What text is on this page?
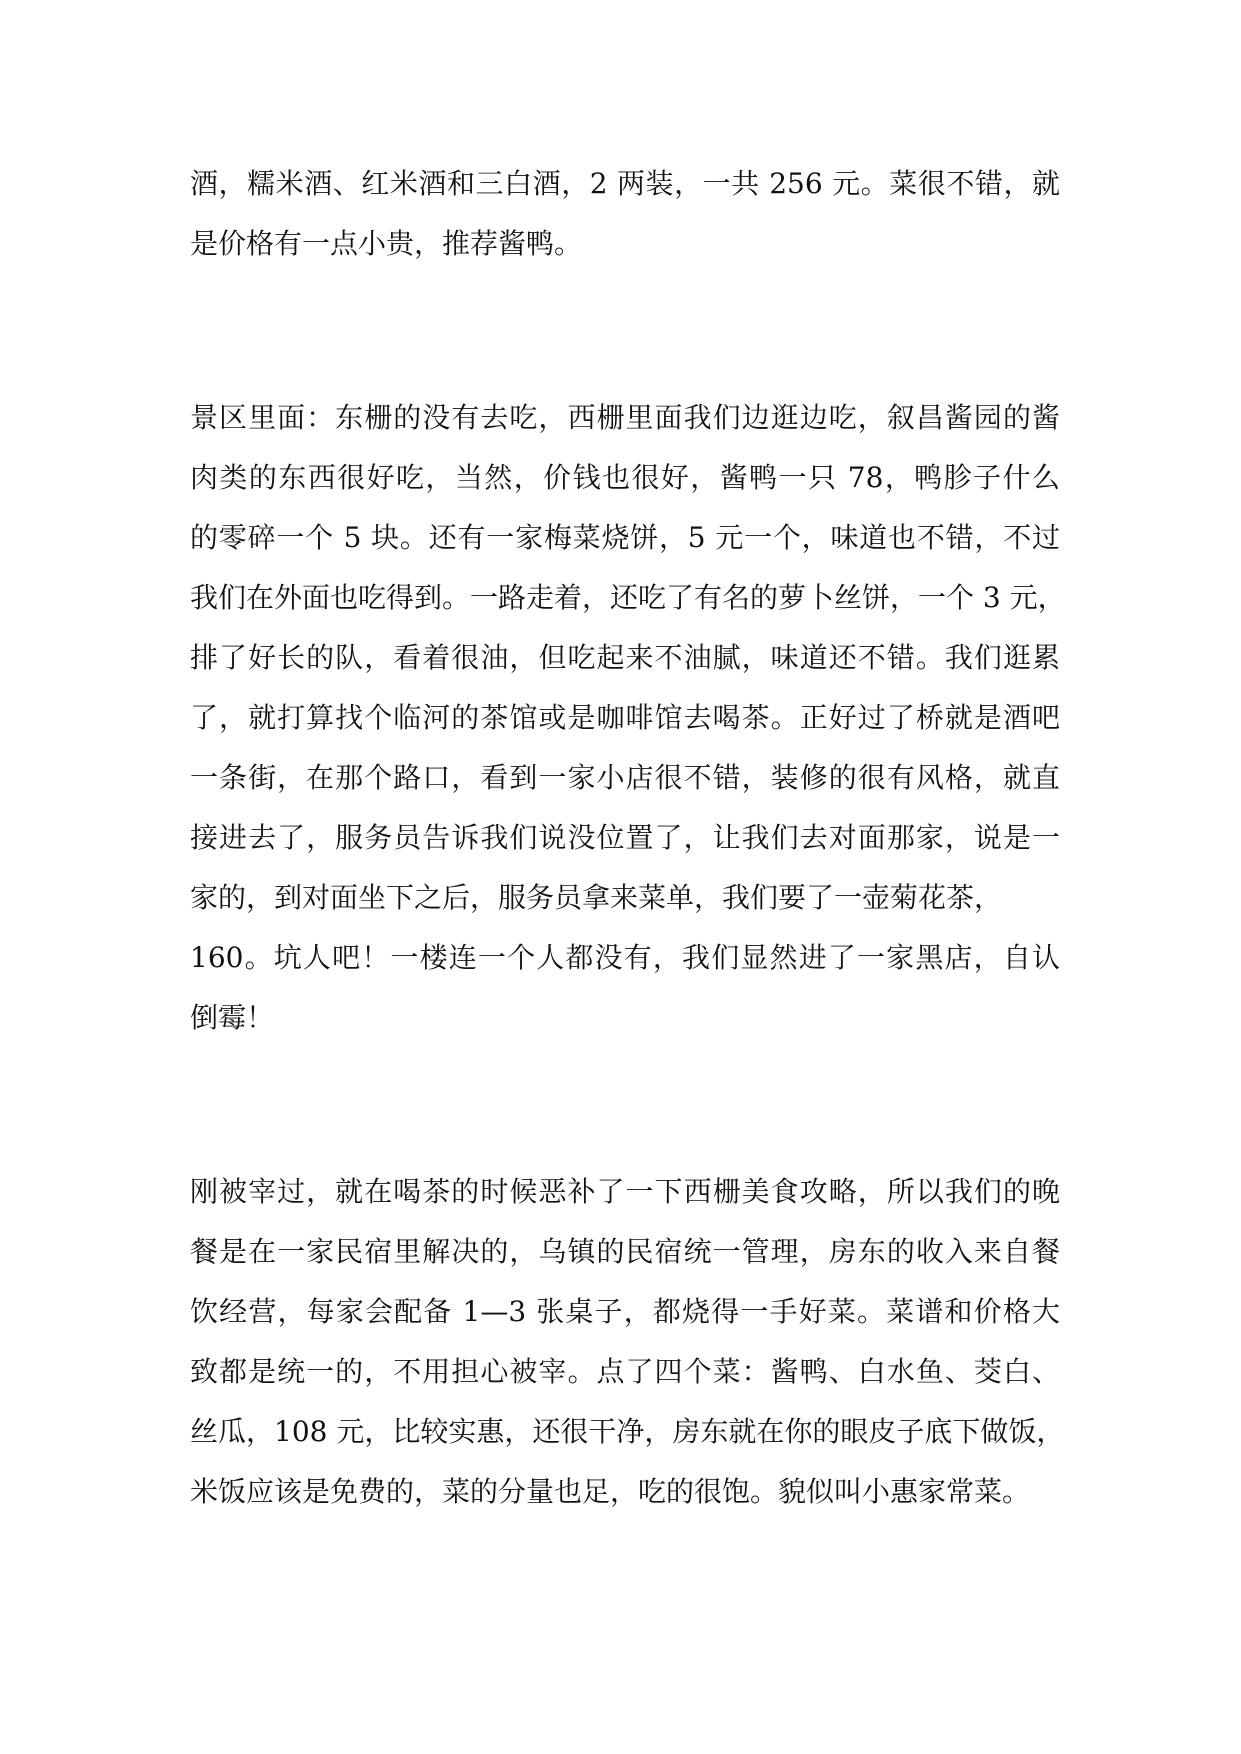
酒，糯米酒、红米酒和三白酒，2 两装，一共 256 元。菜很不错，就
是价格有一点小贵，推荐酱鸭。

景区里面：东栅的没有去吃，西栅里面我们边逛边吃，叙昌酱园的酱
肉类的东西很好吃，当然，价钱也很好，酱鸭一只 78，鸭胗子什么
的零碎一个 5 块。还有一家梅菜烧饼，5 元一个，味道也不错，不过
我们在外面也吃得到。一路走着，还吃了有名的萝卜丝饼，一个 3 元，
排了好长的队，看着很油，但吃起来不油腻，味道还不错。我们逛累
了，就打算找个临河的茶馆或是咖啡馆去喝茶。正好过了桥就是酒吧
一条街，在那个路口，看到一家小店很不错，装修的很有风格，就直
接进去了，服务员告诉我们说没位置了，让我们去对面那家，说是一
家的，到对面坐下之后，服务员拿来菜单，我们要了一壶菊花茶，
160。坑人吧！一楼连一个人都没有，我们显然进了一家黑店，自认
倒霉！

刚被宰过，就在喝茶的时候恶补了一下西栅美食攻略，所以我们的晚
餐是在一家民宿里解决的，乌镇的民宿统一管理，房东的收入来自餐
饮经营，每家会配备 1—3 张桌子，都烧得一手好菜。菜谱和价格大
致都是统一的，不用担心被宰。点了四个菜：酱鸭、白水鱼、茭白、
丝瓜，108 元，比较实惠，还很干净，房东就在你的眼皮子底下做饭，
米饭应该是免费的，菜的分量也足，吃的很饱。貌似叫小惠家常菜。
